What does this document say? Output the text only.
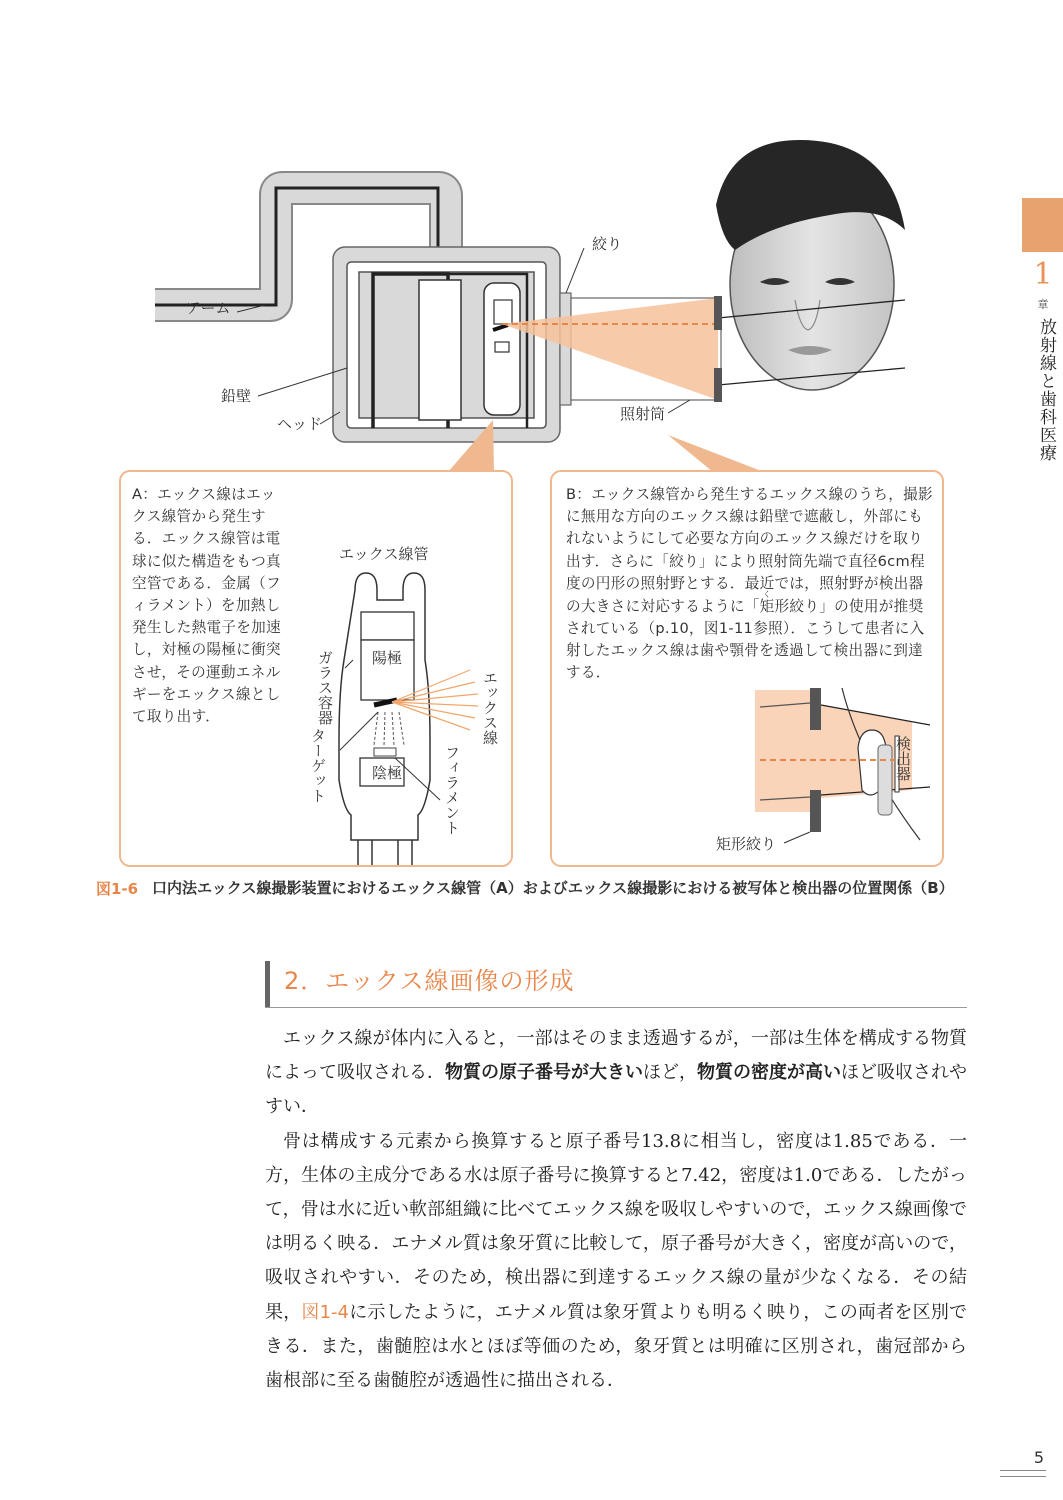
1
章
放射線と歯科医療
アーム
鉛壁
ヘッド
絞り
照射筒
エックス線管
陽極
陰極
ガラス容器
ターゲット
エックス線
フィラメント	検出器
矩形絞り
A：エックス線はエックス線管から発生する．エックス線管は電球に似た構造をもつ真空管である．金属（フィラメント）を加熱し発生した熱電子を加速し，対極の陽極に衝突させ，その運動エネルギーをエックス線として取り出す．
B：エックス線管から発生するエックス線のうち，撮影に無用な方向のエックス線は鉛壁で遮蔽し，外部にもれないようにして必要な方向のエックス線だけを取り出す．さらに「絞り」により照射筒先端で直径6cm程度の円形の照射野とする．最近では，照射野が検出器の大きさに対応するように「矩く形絞り」の使用が推奨されている（p.10，図1-11参照）．こうして患者に入射したエックス線は歯や顎骨を透過して検出器に到達する．
図1-6 口内法エックス線撮影装置におけるエックス線管（A）およびエックス線撮影における被写体と検出器の位置関係（B）
2．エックス線画像の形成

エックス線が体内に入ると，一部はそのまま透過するが，一部は生体を構成する物質によって吸収される．物質の原子番号が大きいほど，物質の密度が高いほど吸収されやすい．

骨は構成する元素から換算すると原子番号13.8に相当し，密度は1.85である．一方，生体の主成分である水は原子番号に換算すると7.42，密度は1.0である．したがって，骨は水に近い軟部組織に比べてエックス線を吸収しやすいので，エックス線画像では明るく映る．エナメル質は象牙質に比較して，原子番号が大きく，密度が高いので，吸収されやすい．そのため，検出器に到達するエックス線の量が少なくなる．その結果，図1-4に示したように，エナメル質は象牙質よりも明るく映り，この両者を区別できる．また，歯髄腔は水とほぼ等価のため，象牙質とは明確に区別され，歯冠部から歯根部に至る歯髄腔が透過性に描出される．

5
